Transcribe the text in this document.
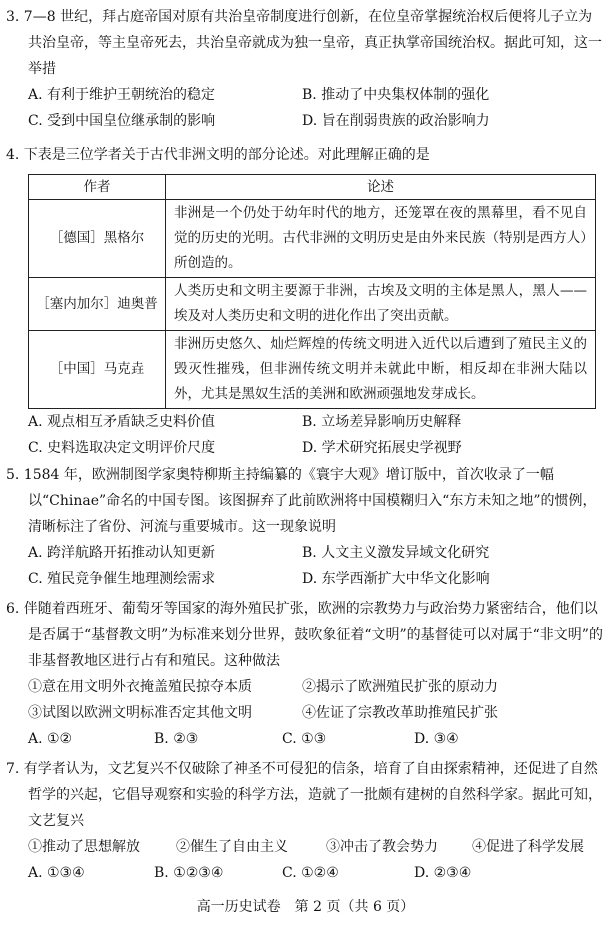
3. 7—8 世纪，拜占庭帝国对原有共治皇帝制度进行创新，在位皇帝掌握统治权后便将儿子立为共治皇帝，等主皇帝死去，共治皇帝就成为独一皇帝，真正执掌帝国统治权。据此可知，这一举措

A. 有利于维护王朝统治的稳定	B. 推动了中央集权体制的强化
C. 受到中国皇位继承制的影响	D. 旨在削弱贵族的政治影响力

4. 下表是三位学者关于古代非洲文明的部分论述。对此理解正确的是

作者	论述
［德国］黑格尔	非洲是一个仍处于幼年时代的地方，还笼罩在夜的黑幕里，看不见自觉的历史的光明。古代非洲的文明历史是由外来民族（特别是西方人）所创造的。
［塞内加尔］迪奥普	人类历史和文明主要源于非洲，古埃及文明的主体是黑人，黑人——埃及对人类历史和文明的进化作出了突出贡献。
［中国］马克垚	非洲历史悠久、灿烂辉煌的传统文明进入近代以后遭到了殖民主义的毁灭性摧残，但非洲传统文明并未就此中断，相反却在非洲大陆以外，尤其是黑奴生活的美洲和欧洲顽强地发芽成长。
A. 观点相互矛盾缺乏史料价值	B. 立场差异影响历史解释
C. 史料选取决定文明评价尺度	D. 学术研究拓展史学视野

5. 1584 年，欧洲制图学家奥特柳斯主持编纂的《寰宇大观》增订版中，首次收录了一幅以“Chinae”命名的中国专图。该图摒弃了此前欧洲将中国模糊归入“东方未知之地”的惯例，清晰标注了省份、河流与重要城市。这一现象说明

A. 跨洋航路开拓推动认知更新	B. 人文主义激发异域文化研究
C. 殖民竞争催生地理测绘需求	D. 东学西渐扩大中华文化影响

6. 伴随着西班牙、葡萄牙等国家的海外殖民扩张，欧洲的宗教势力与政治势力紧密结合，他们以是否属于“基督教文明”为标准来划分世界，鼓吹象征着“文明”的基督徒可以对属于“非文明”的非基督教地区进行占有和殖民。这种做法

①意在用文明外衣掩盖殖民掠夺本质	②揭示了欧洲殖民扩张的原动力
③试图以欧洲文明标准否定其他文明	④佐证了宗教改革助推殖民扩张
A. ①②	B. ②③	C. ①③	D. ③④

7. 有学者认为，文艺复兴不仅破除了神圣不可侵犯的信条，培育了自由探索精神，还促进了自然哲学的兴起，它倡导观察和实验的科学方法，造就了一批颇有建树的自然科学家。据此可知，文艺复兴

①推动了思想解放	②催生了自由主义	③冲击了教会势力	④促进了科学发展
A. ①③④	B. ①②③④	C. ①②④	D. ②③④
高一历史试卷　第 2 页（共 6 页）
